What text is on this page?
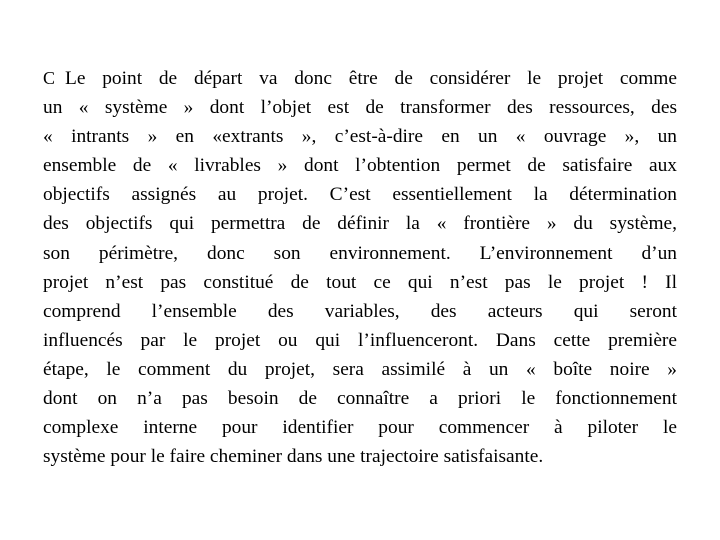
C Le point de départ va donc être de considérer le projet comme
un « système » dont l’objet est de transformer des ressources, des
« intrants » en «extrants », c’est-à-dire en un « ouvrage », un
ensemble de « livrables » dont l’obtention permet de satisfaire aux
objectifs assignés au projet. C’est essentiellement la détermination
des objectifs qui permettra de définir la « frontière » du système,
son périmètre, donc son environnement. L’environnement d’un
projet n’est pas constitué de tout ce qui n’est pas le projet ! Il
comprend l’ensemble des variables, des acteurs qui seront
influencés par le projet ou qui l’influenceront. Dans cette première
étape, le comment du projet, sera assimilé à un « boîte noire »
dont on n’a pas besoin de connaître a priori le fonctionnement
complexe interne pour identifier pour commencer à piloter le
système pour le faire cheminer dans une trajectoire satisfaisante.
